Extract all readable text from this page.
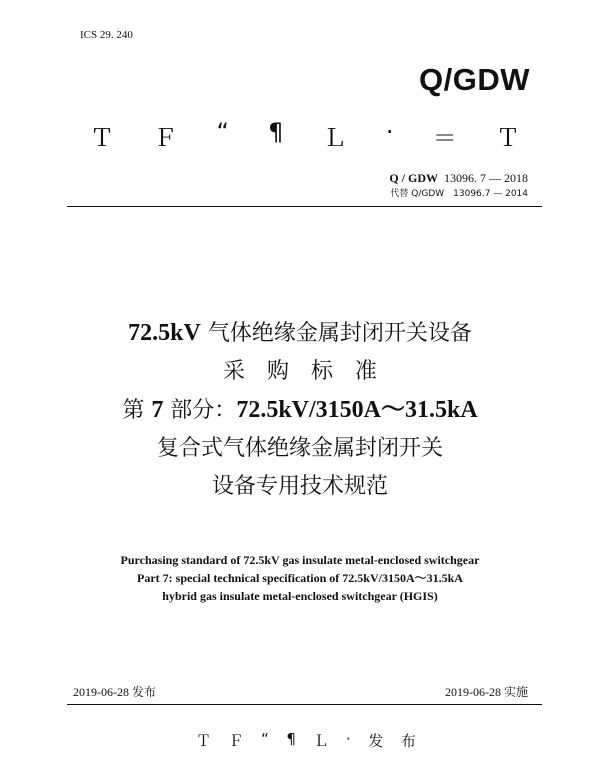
ICS 29. 240
Q/GDW
Ｔ Ｆ “ ¶ Ｌ · ＝ Ｔ
Q / GDW 13096. 7 — 2018
代替 Q/GDW　13096.7 — 2014
72.5kV 气体绝缘金属封闭开关设备
采　购　标　准
第 7 部分：72.5kV/3150A～31.5kA
复合式气体绝缘金属封闭开关
设备专用技术规范
Purchasing standard of 72.5kV gas insulate metal-enclosed switchgear
Part 7: special technical specification of 72.5kV/3150A～31.5kA
hybrid gas insulate metal-enclosed switchgear (HGIS)
2019-06-28 发布	2019-06-28 实施
Ｔ Ｆ “ ¶ Ｌ · 发 布
